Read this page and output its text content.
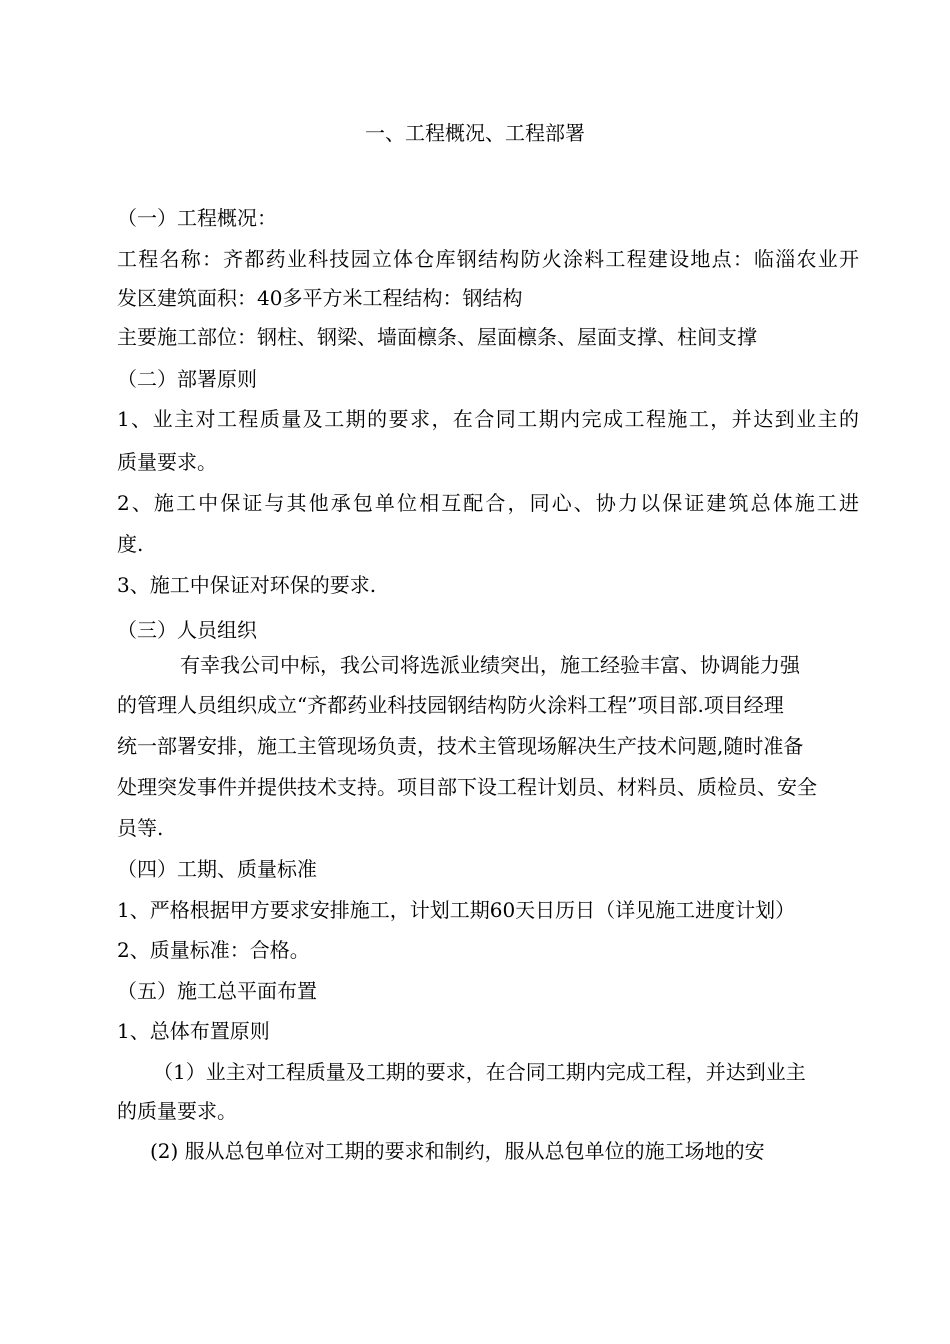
一、工程概况、工程部署
（一）工程概况：
工程名称：齐都药业科技园立体仓库钢结构防火涂料工程建设地点：临淄农业开
发区建筑面积：40多平方米工程结构：钢结构
主要施工部位：钢柱、钢梁、墙面檩条、屋面檩条、屋面支撑、柱间支撑
（二）部署原则
1、业主对工程质量及工期的要求，在合同工期内完成工程施工，并达到业主的
质量要求。
2、施工中保证与其他承包单位相互配合，同心、协力以保证建筑总体施工进
度.
3、施工中保证对环保的要求.
（三）人员组织
有幸我公司中标，我公司将选派业绩突出，施工经验丰富、协调能力强
的管理人员组织成立“齐都药业科技园钢结构防火涂料工程”项目部.项目经理
统一部署安排，施工主管现场负责，技术主管现场解决生产技术问题,随时准备
处理突发事件并提供技术支持。项目部下设工程计划员、材料员、质检员、安全
员等.
（四）工期、质量标准
1、严格根据甲方要求安排施工，计划工期60天日历日（详见施工进度计划）
2、质量标准：合格。
（五）施工总平面布置
1、总体布置原则
（1）业主对工程质量及工期的要求，在合同工期内完成工程，并达到业主
的质量要求。
(2) 服从总包单位对工期的要求和制约，服从总包单位的施工场地的安
